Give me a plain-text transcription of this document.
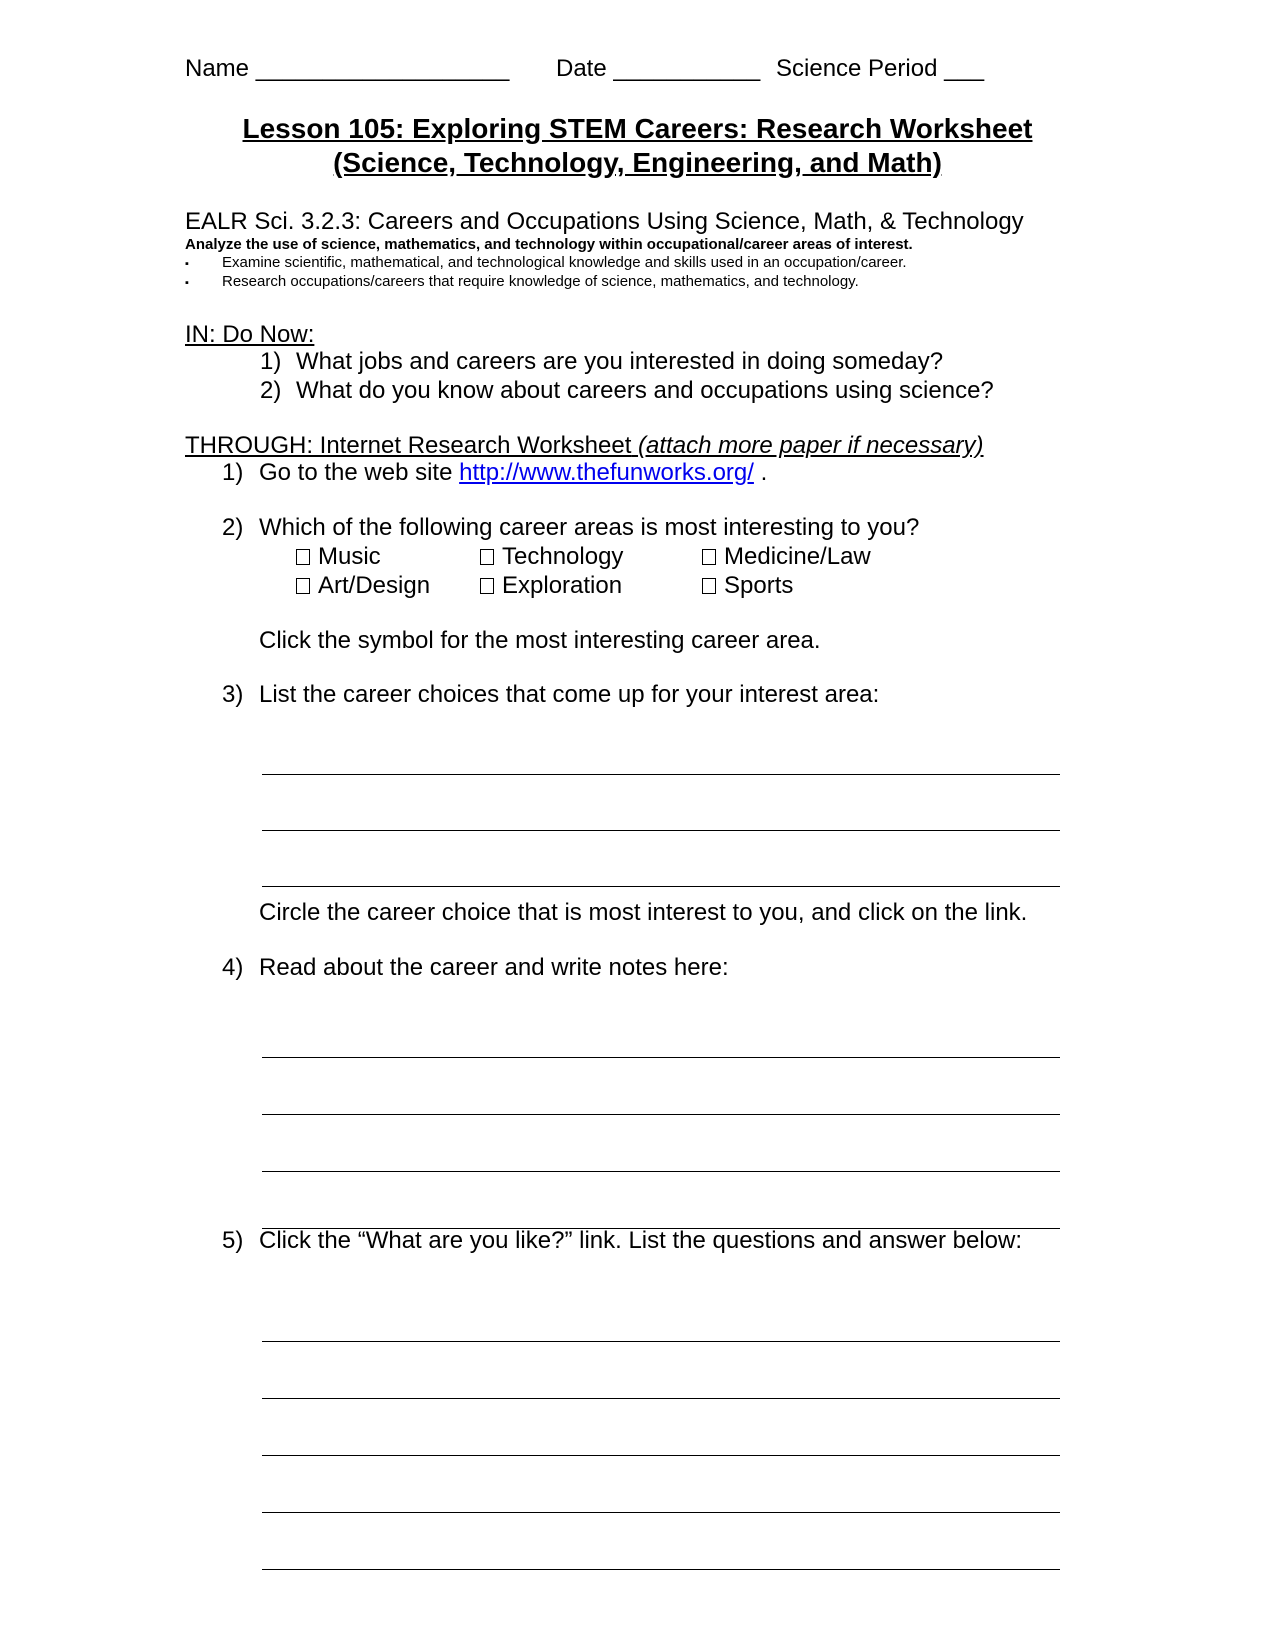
Name ___________________ Date ___________ Science Period ___
Lesson 105: Exploring STEM Careers: Research Worksheet
(Science, Technology, Engineering, and Math)
EALR Sci. 3.2.3: Careers and Occupations Using Science, Math, & Technology
Analyze the use of science, mathematics, and technology within occupational/career areas of interest.
▪ Examine scientific, mathematical, and technological knowledge and skills used in an occupation/career.
▪ Research occupations/careers that require knowledge of science, mathematics, and technology.
IN: Do Now:
1) What jobs and careers are you interested in doing someday?
2) What do you know about careers and occupations using science?
THROUGH: Internet Research Worksheet (attach more paper if necessary)
1) Go to the web site http://www.thefunworks.org/ .
2) Which of the following career areas is most interesting to you?
Music	Technology	Medicine/Law
Art/Design	Exploration	Sports
Click the symbol for the most interesting career area.
3) List the career choices that come up for your interest area:
Circle the career choice that is most interest to you, and click on the link.
4) Read about the career and write notes here:
5) Click the “What are you like?” link. List the questions and answer below:
